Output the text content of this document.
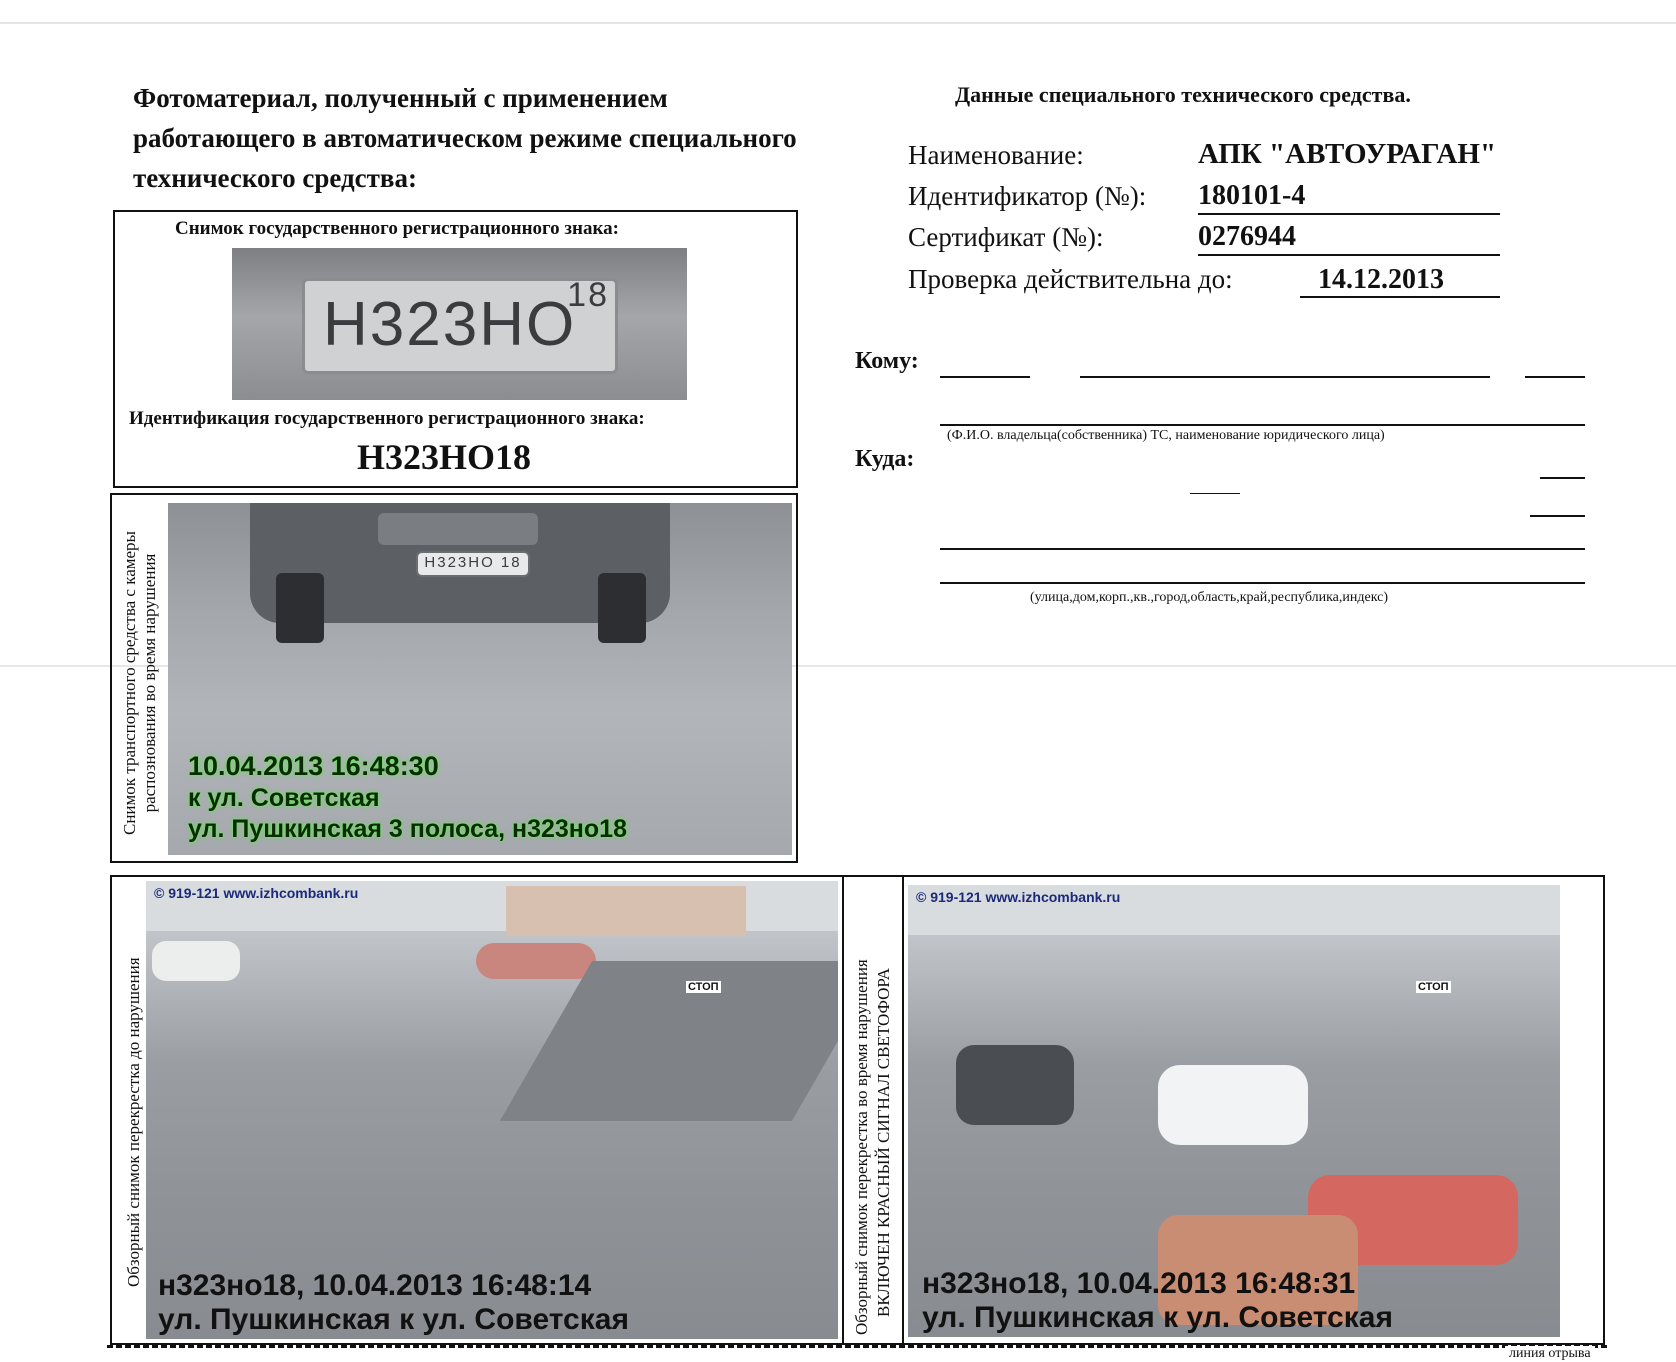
Фотоматериал, полученный с применением работающего в автоматическом режиме специального технического средства:
Данные специального технического средства.
Наименование:	АПК "АВТОУРАГАН"
Идентификатор (№): 180101-4
Сертификат (№):	0276944
Проверка действительна до:	14.12.2013
Кому:
(Ф.И.О. владельца(собственника) ТС, наименование юридического лица)
Куда:
(улица,дом,корп.,кв.,город,область,край,республика,индекс)
Снимок государственного регистрационного знака:
Н323НО
18
Идентификация государственного регистрационного знака:
Н323НО18
Снимок транспортного средства с камеры распознования во время нарушения	Н323НО 18
10.04.2013 16:48:30
к ул. Советская
ул. Пушкинская 3 полоса, н323но18
Обзорный снимок перекрестка до нарушения
© 919-121 www.izhcombank.ru
СТОП
н323но18, 10.04.2013 16:48:14
ул. Пушкинская к ул. Советская	Обзорный снимок перекрестка во время нарушения ВКЛЮЧЕН КРАСНЫЙ СИГНАЛ СВЕТОФОРА
© 919-121 www.izhcombank.ru
СТОП
н323но18, 10.04.2013 16:48:31
ул. Пушкинская к ул. Советская
линия отрыва
